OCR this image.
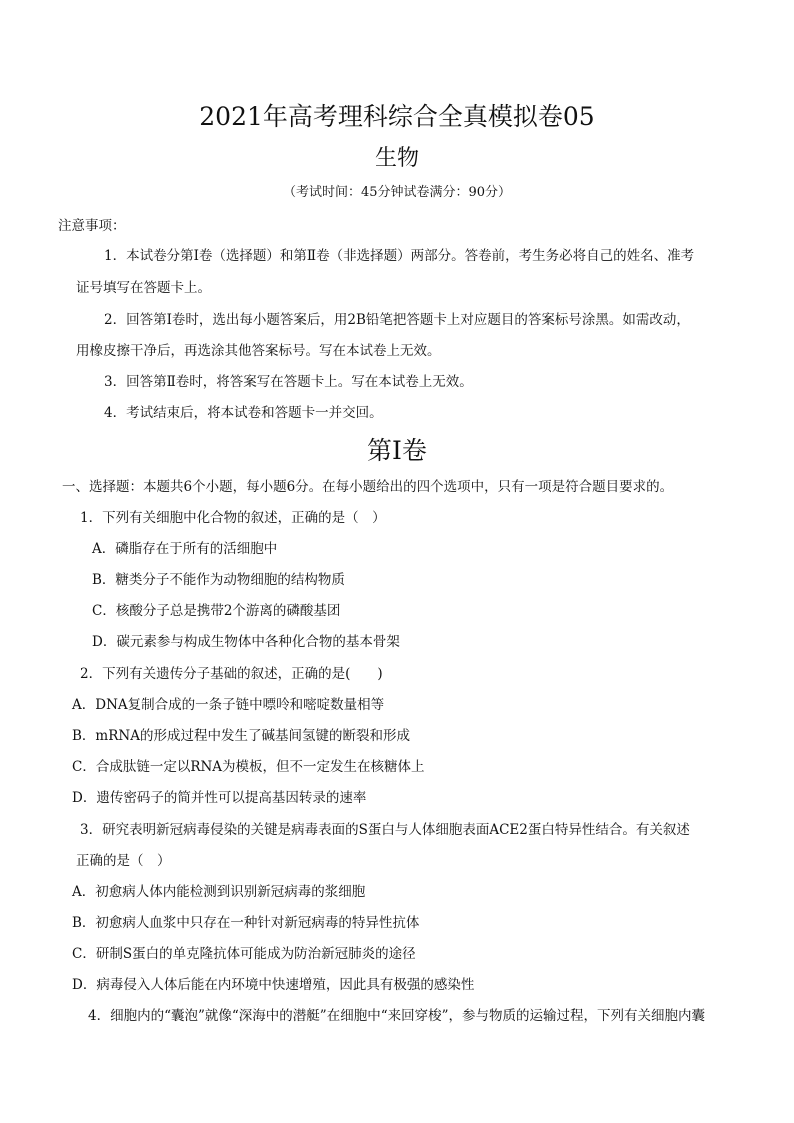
2021年高考理科综合全真模拟卷05
生物
（考试时间：45分钟试卷满分：90分）
注意事项：
1．本试卷分第Ⅰ卷（选择题）和第Ⅱ卷（非选择题）两部分。答卷前，考生务必将自己的姓名、准考
证号填写在答题卡上。
2．回答第Ⅰ卷时，选出每小题答案后，用2B铅笔把答题卡上对应题目的答案标号涂黑。如需改动，
用橡皮擦干净后，再选涂其他答案标号。写在本试卷上无效。
3．回答第Ⅱ卷时，将答案写在答题卡上。写在本试卷上无效。
4．考试结束后，将本试卷和答题卡一并交回。
第Ⅰ卷
一、选择题：本题共6个小题，每小题6分。在每小题给出的四个选项中，只有一项是符合题目要求的。
1．下列有关细胞中化合物的叙述，正确的是（　）
A．磷脂存在于所有的活细胞中
B．糖类分子不能作为动物细胞的结构物质
C．核酸分子总是携带2个游离的磷酸基团
D．碳元素参与构成生物体中各种化合物的基本骨架
2．下列有关遗传分子基础的叙述，正确的是(　　)
A．DNA复制合成的一条子链中嘌呤和嘧啶数量相等
B．mRNA的形成过程中发生了碱基间氢键的断裂和形成
C．合成肽链一定以RNA为模板，但不一定发生在核糖体上
D．遗传密码子的简并性可以提高基因转录的速率
3．研究表明新冠病毒侵染的关键是病毒表面的S蛋白与人体细胞表面ACE2蛋白特异性结合。有关叙述
正确的是（　）
A．初愈病人体内能检测到识别新冠病毒的浆细胞
B．初愈病人血浆中只存在一种针对新冠病毒的特异性抗体
C．研制S蛋白的单克隆抗体可能成为防治新冠肺炎的途径
D．病毒侵入人体后能在内环境中快速增殖，因此具有极强的感染性
4．细胞内的“囊泡”就像“深海中的潜艇”在细胞中“来回穿梭”，参与物质的运输过程，下列有关细胞内囊
